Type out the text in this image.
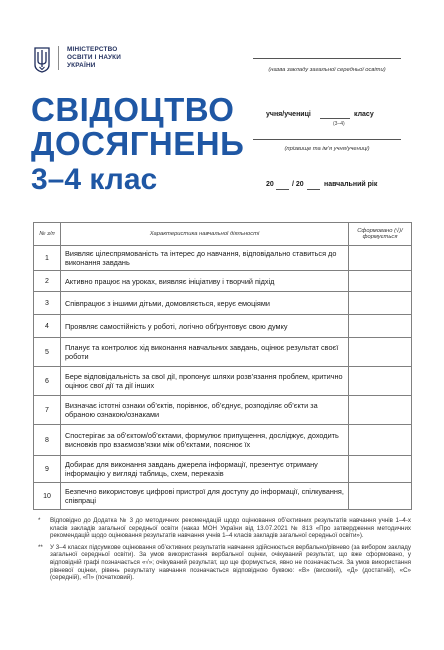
МІНІСТЕРСТВО
ОСВІТИ І НАУКИ
УКРАЇНИ
СВІДОЦТВО
ДОСЯГНЕНЬ
3–4 клас
(назва закладу загальної середньої освіти)
учня/учениці	класу
(3–4)
(прізвище та ім’я учня/учениці)
20	/ 20	навчальний рік
№ з/п	Характеристика навчальної діяльності	Сформовано (√)/ формується
1	Виявляє цілеспрямованість та інтерес до навчання, відповідально ставиться до виконання завдань	
2	Активно працює на уроках, виявляє ініціативу і творчий підхід	
3	Співпрацює з іншими дітьми, домовляється, керує емоціями	
4	Проявляє самостійність у роботі, логічно обґрунтовує свою думку	
5	Планує та контролює хід виконання навчальних завдань, оцінює результат своєї роботи	
6	Бере відповідальність за свої дії, пропонує шляхи розв’язання проблем, критично оцінює свої дії та дії інших	
7	Визначає істотні ознаки об’єктів, порівнює, об’єднує, розподіляє об’єкти за обраною ознакою/ознаками	
8	Спостерігає за об’єктом/об’єктами, формулює припущення, досліджує, доходить висновків про взаємозв’язки між об’єктами, пояснює їх	
9	Добирає для виконання завдань джерела інформації, презентує отриману інформацію у вигляді таблиць, схем, переказів	
10	Безпечно використовує цифрові пристрої для доступу до інформації, спілкування, співпраці	
* Відповідно до Додатка № 3 до методичних рекомендацій щодо оцінювання об’єктивних результатів навчання учнів 1–4-х класів закладів загальної середньої освіти (наказ МОН України від 13.07.2021 № 813 «Про затвердження методичних рекомендацій щодо оцінювання результатів навчання учнів 1–4 класів закладів загальної середньої освіти»).
** У 3–4 класах підсумкове оцінювання об’єктивних результатів навчання здійснюється вербально/рівнево (за вибором закладу загальної середньої освіти). За умов використання вербальної оцінки, очікуваний результат, що вже сформовано, у відповідній графі позначається «√»; очікуваний результат, що ще формується, явно не позначається. За умов використання рівневої оцінки, рівень результату навчання позначається відповідною буквою: «В» (високий), «Д» (достатній), «С» (середній), «П» (початковий).
